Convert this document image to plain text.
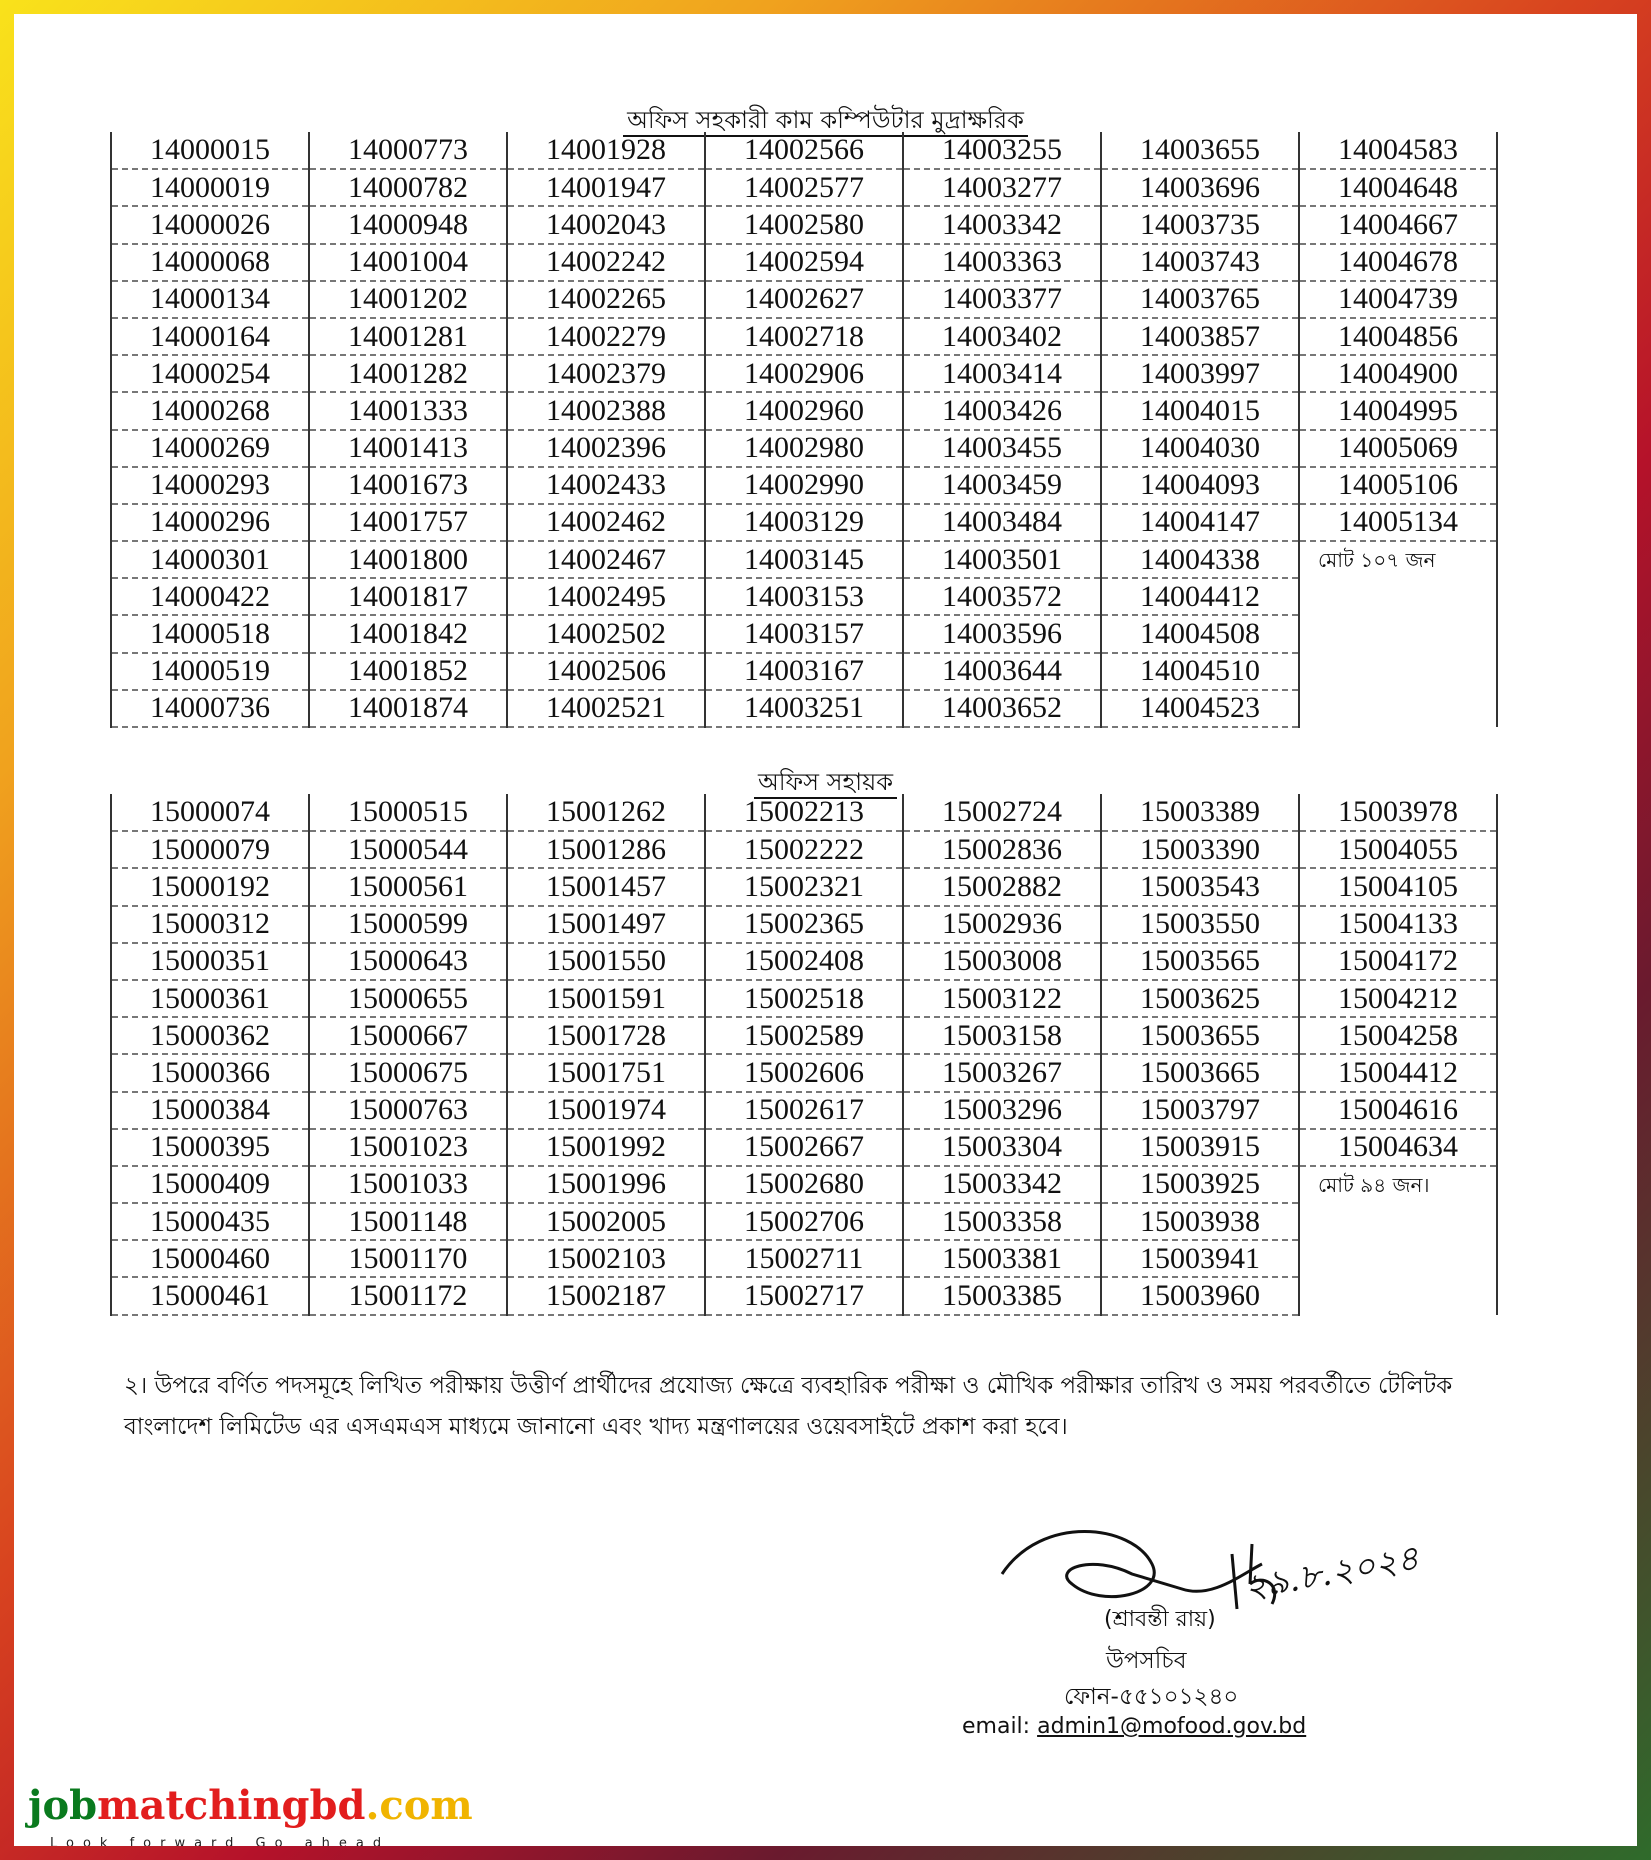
অফিস সহকারী কাম কম্পিউটার মুদ্রাক্ষরিক
14000015	14000773	14001928	14002566	14003255	14003655	14004583
14000019	14000782	14001947	14002577	14003277	14003696	14004648
14000026	14000948	14002043	14002580	14003342	14003735	14004667
14000068	14001004	14002242	14002594	14003363	14003743	14004678
14000134	14001202	14002265	14002627	14003377	14003765	14004739
14000164	14001281	14002279	14002718	14003402	14003857	14004856
14000254	14001282	14002379	14002906	14003414	14003997	14004900
14000268	14001333	14002388	14002960	14003426	14004015	14004995
14000269	14001413	14002396	14002980	14003455	14004030	14005069
14000293	14001673	14002433	14002990	14003459	14004093	14005106
14000296	14001757	14002462	14003129	14003484	14004147	14005134
14000301	14001800	14002467	14003145	14003501	14004338	মোট ১০৭ জন
14000422	14001817	14002495	14003153	14003572	14004412	
14000518	14001842	14002502	14003157	14003596	14004508	
14000519	14001852	14002506	14003167	14003644	14004510	
14000736	14001874	14002521	14003251	14003652	14004523	
অফিস সহায়ক
15000074	15000515	15001262	15002213	15002724	15003389	15003978
15000079	15000544	15001286	15002222	15002836	15003390	15004055
15000192	15000561	15001457	15002321	15002882	15003543	15004105
15000312	15000599	15001497	15002365	15002936	15003550	15004133
15000351	15000643	15001550	15002408	15003008	15003565	15004172
15000361	15000655	15001591	15002518	15003122	15003625	15004212
15000362	15000667	15001728	15002589	15003158	15003655	15004258
15000366	15000675	15001751	15002606	15003267	15003665	15004412
15000384	15000763	15001974	15002617	15003296	15003797	15004616
15000395	15001023	15001992	15002667	15003304	15003915	15004634
15000409	15001033	15001996	15002680	15003342	15003925	মোট ৯৪ জন।
15000435	15001148	15002005	15002706	15003358	15003938	
15000460	15001170	15002103	15002711	15003381	15003941	
15000461	15001172	15002187	15002717	15003385	15003960	
২। উপরে বর্ণিত পদসমূহে লিখিত পরীক্ষায় উত্তীর্ণ প্রার্থীদের প্রযোজ্য ক্ষেত্রে ব্যবহারিক পরীক্ষা ও মৌখিক পরীক্ষার তারিখ ও সময় পরবর্তীতে টেলিটক বাংলাদেশ লিমিটেড এর এসএমএস মাধ্যমে জানানো এবং খাদ্য মন্ত্রণালয়ের ওয়েবসাইটে প্রকাশ করা হবে।
২৯.৮.২০২৪
(শ্রাবন্তী রায়)
উপসচিব
ফোন-৫৫১০১২৪০
email: admin1@mofood.gov.bd
jobmatchingbd.com
Look forward Go ahead
